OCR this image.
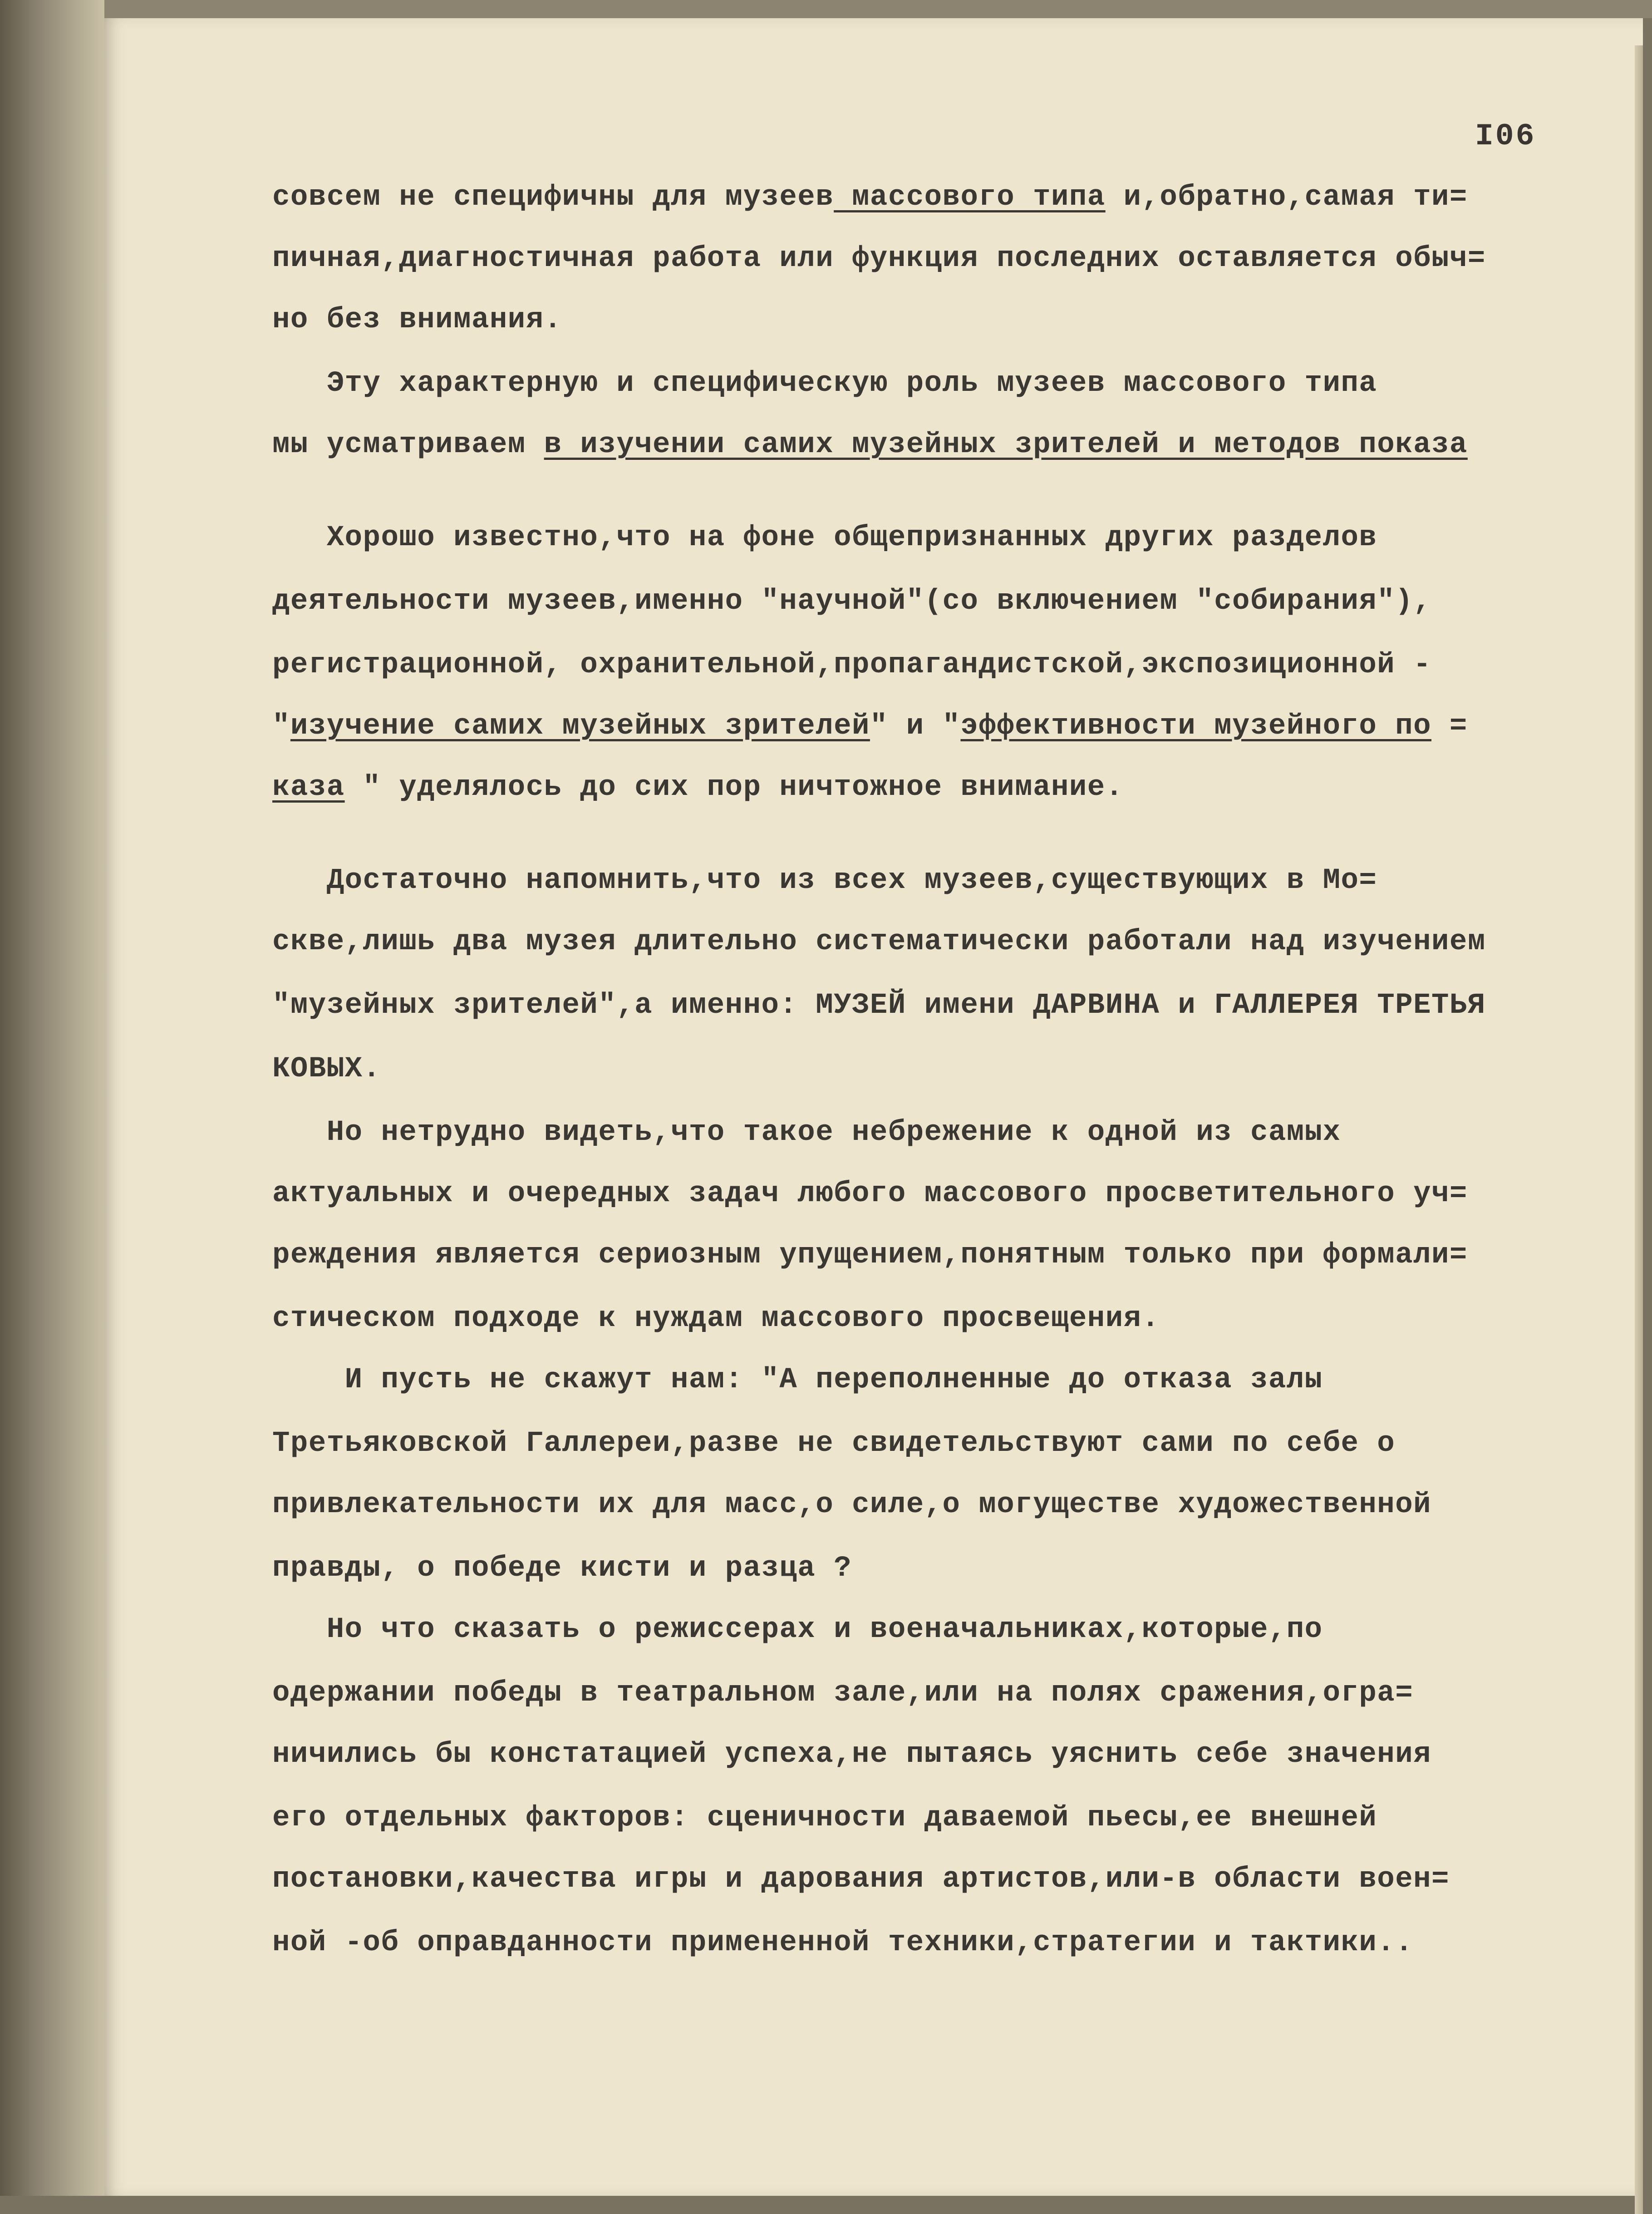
I06
совсем не специфичны для музеев массового типа и,обратно,самая ти=
пичная,диагностичная работа или функция последних оставляется обыч=
но без внимания.
Эту характерную и специфическую роль музеев массового типа
мы усматриваем в изучении самих музейных зрителей и методов показа
Хорошо известно,что на фоне общепризнанных других разделов
деятельности музеев,именно "научной"(со включением "собирания"),
регистрационной, охранительной,пропагандистской,экспозиционной -
"изучение самих музейных зрителей" и "эффективности музейного по =
каза " уделялось до сих пор ничтожное внимание.
Достаточно напомнить,что из всех музеев,существующих в Мо=
скве,лишь два музея длительно систематически работали над изучением
"музейных зрителей",а именно: МУЗЕЙ имени ДАРВИНА и ГАЛЛЕРЕЯ ТРЕТЬЯ
КОВЫХ.
Но нетрудно видеть,что такое небрежение к одной из самых
актуальных и очередных задач любого массового просветительного уч=
реждения является сериозным упущением,понятным только при формали=
стическом подходе к нуждам массового просвещения.
И пусть не скажут нам: "А переполненные до отказа залы
Третьяковской Галлереи,разве не свидетельствуют сами по себе о
привлекательности их для масс,о силе,о могуществе художественной
правды, о победе кисти и разца ?
Но что сказать о режиссерах и военачальниках,которые,по
одержании победы в театральном зале,или на полях сражения,огра=
ничились бы констатацией успеха,не пытаясь уяснить себе значения
его отдельных факторов: сценичности даваемой пьесы,ее внешней
постановки,качества игры и дарования артистов,или-в области воен=
ной -об оправданности примененной техники,стратегии и тактики..
